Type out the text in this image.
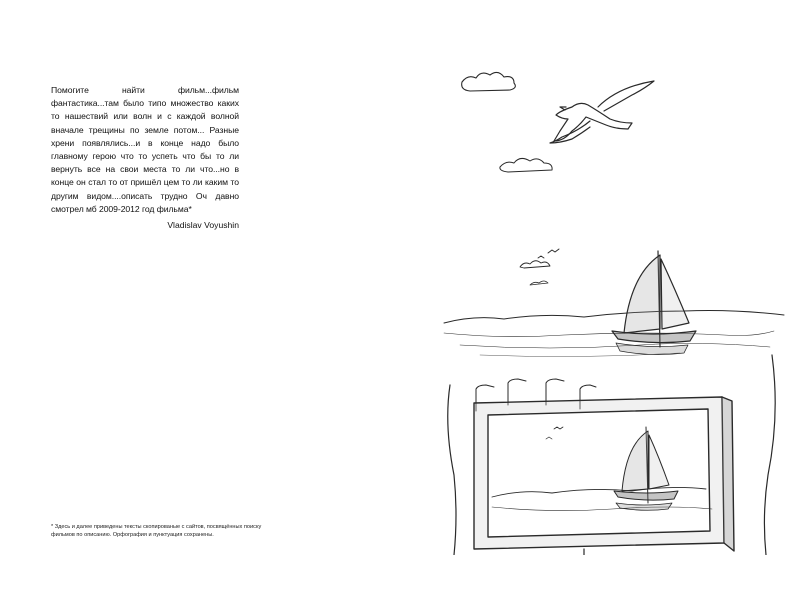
Помогите найти фильм...фильм фантастика...там было типо множество каких то нашествий или волн и с каждой волной вначале трещины по земле потом... Разные хрени появлялись...и в конце надо было главному герою что то успеть что бы то ли вернуть все на свои места то ли что...но в конце он стал то от пришёл цем то ли каким то другим видом....описать трудно Оч давно смотрел мб 2009-2012 год фильма*

Vladislav Voyushin

* Здесь и далее приведены тексты скопированые с сайтов, посвящённых поиску фильмов по описанию. Орфография и пунктуация сохранены.
